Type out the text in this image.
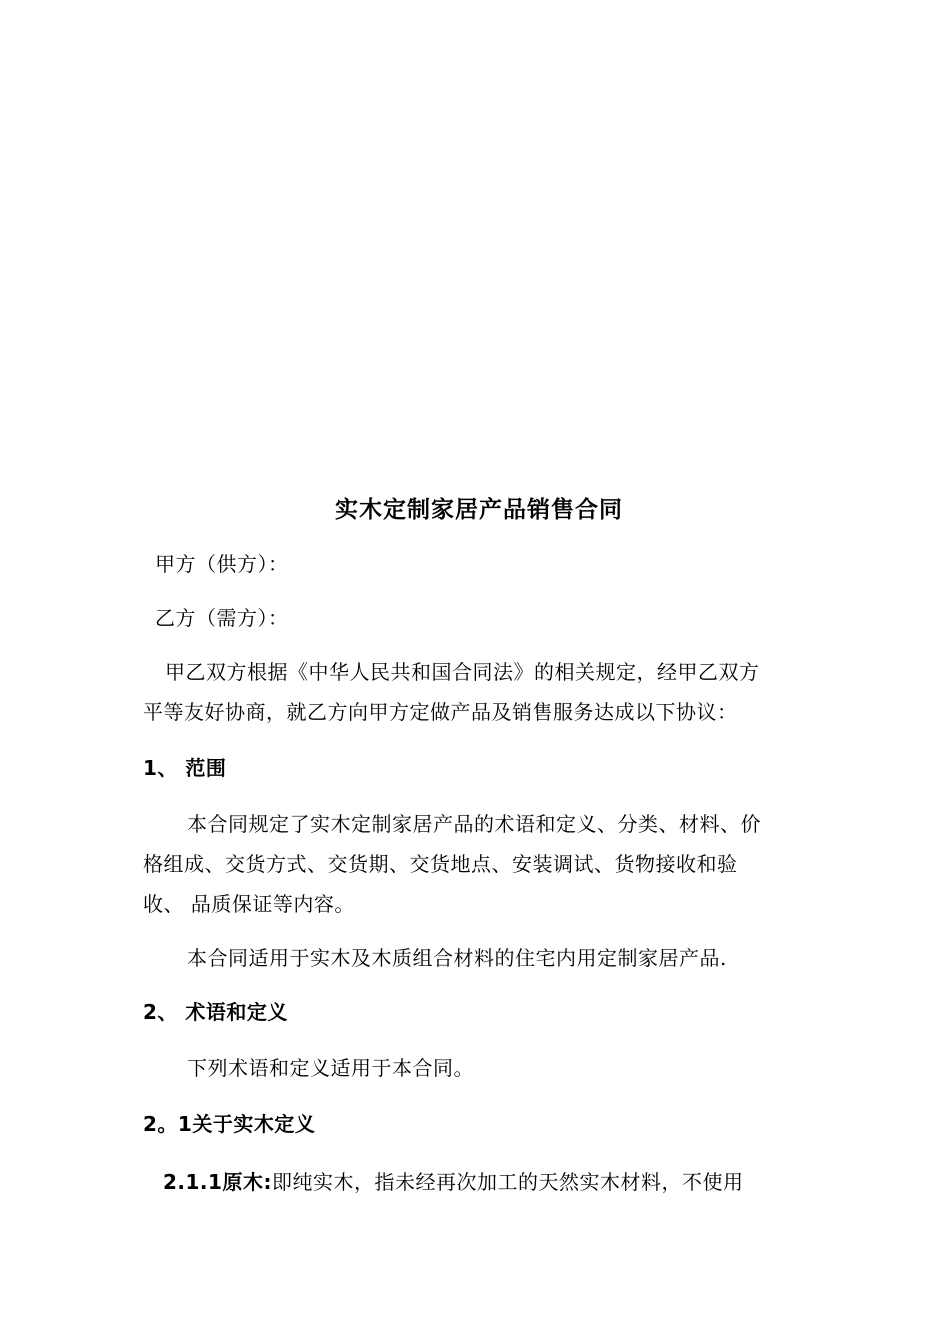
实木定制家居产品销售合同
甲方（供方）：
乙方（需方）：
甲乙双方根据《中华人民共和国合同法》的相关规定，经甲乙双方
平等友好协商，就乙方向甲方定做产品及销售服务达成以下协议：
1、 范围
本合同规定了实木定制家居产品的术语和定义、分类、材料、价
格组成、交货方式、交货期、交货地点、安装调试、货物接收和验
收、 品质保证等内容。
本合同适用于实木及木质组合材料的住宅内用定制家居产品.
2、 术语和定义
下列术语和定义适用于本合同。
2。1关于实木定义
2.1.1原木:即纯实木，指未经再次加工的天然实木材料，不使用
